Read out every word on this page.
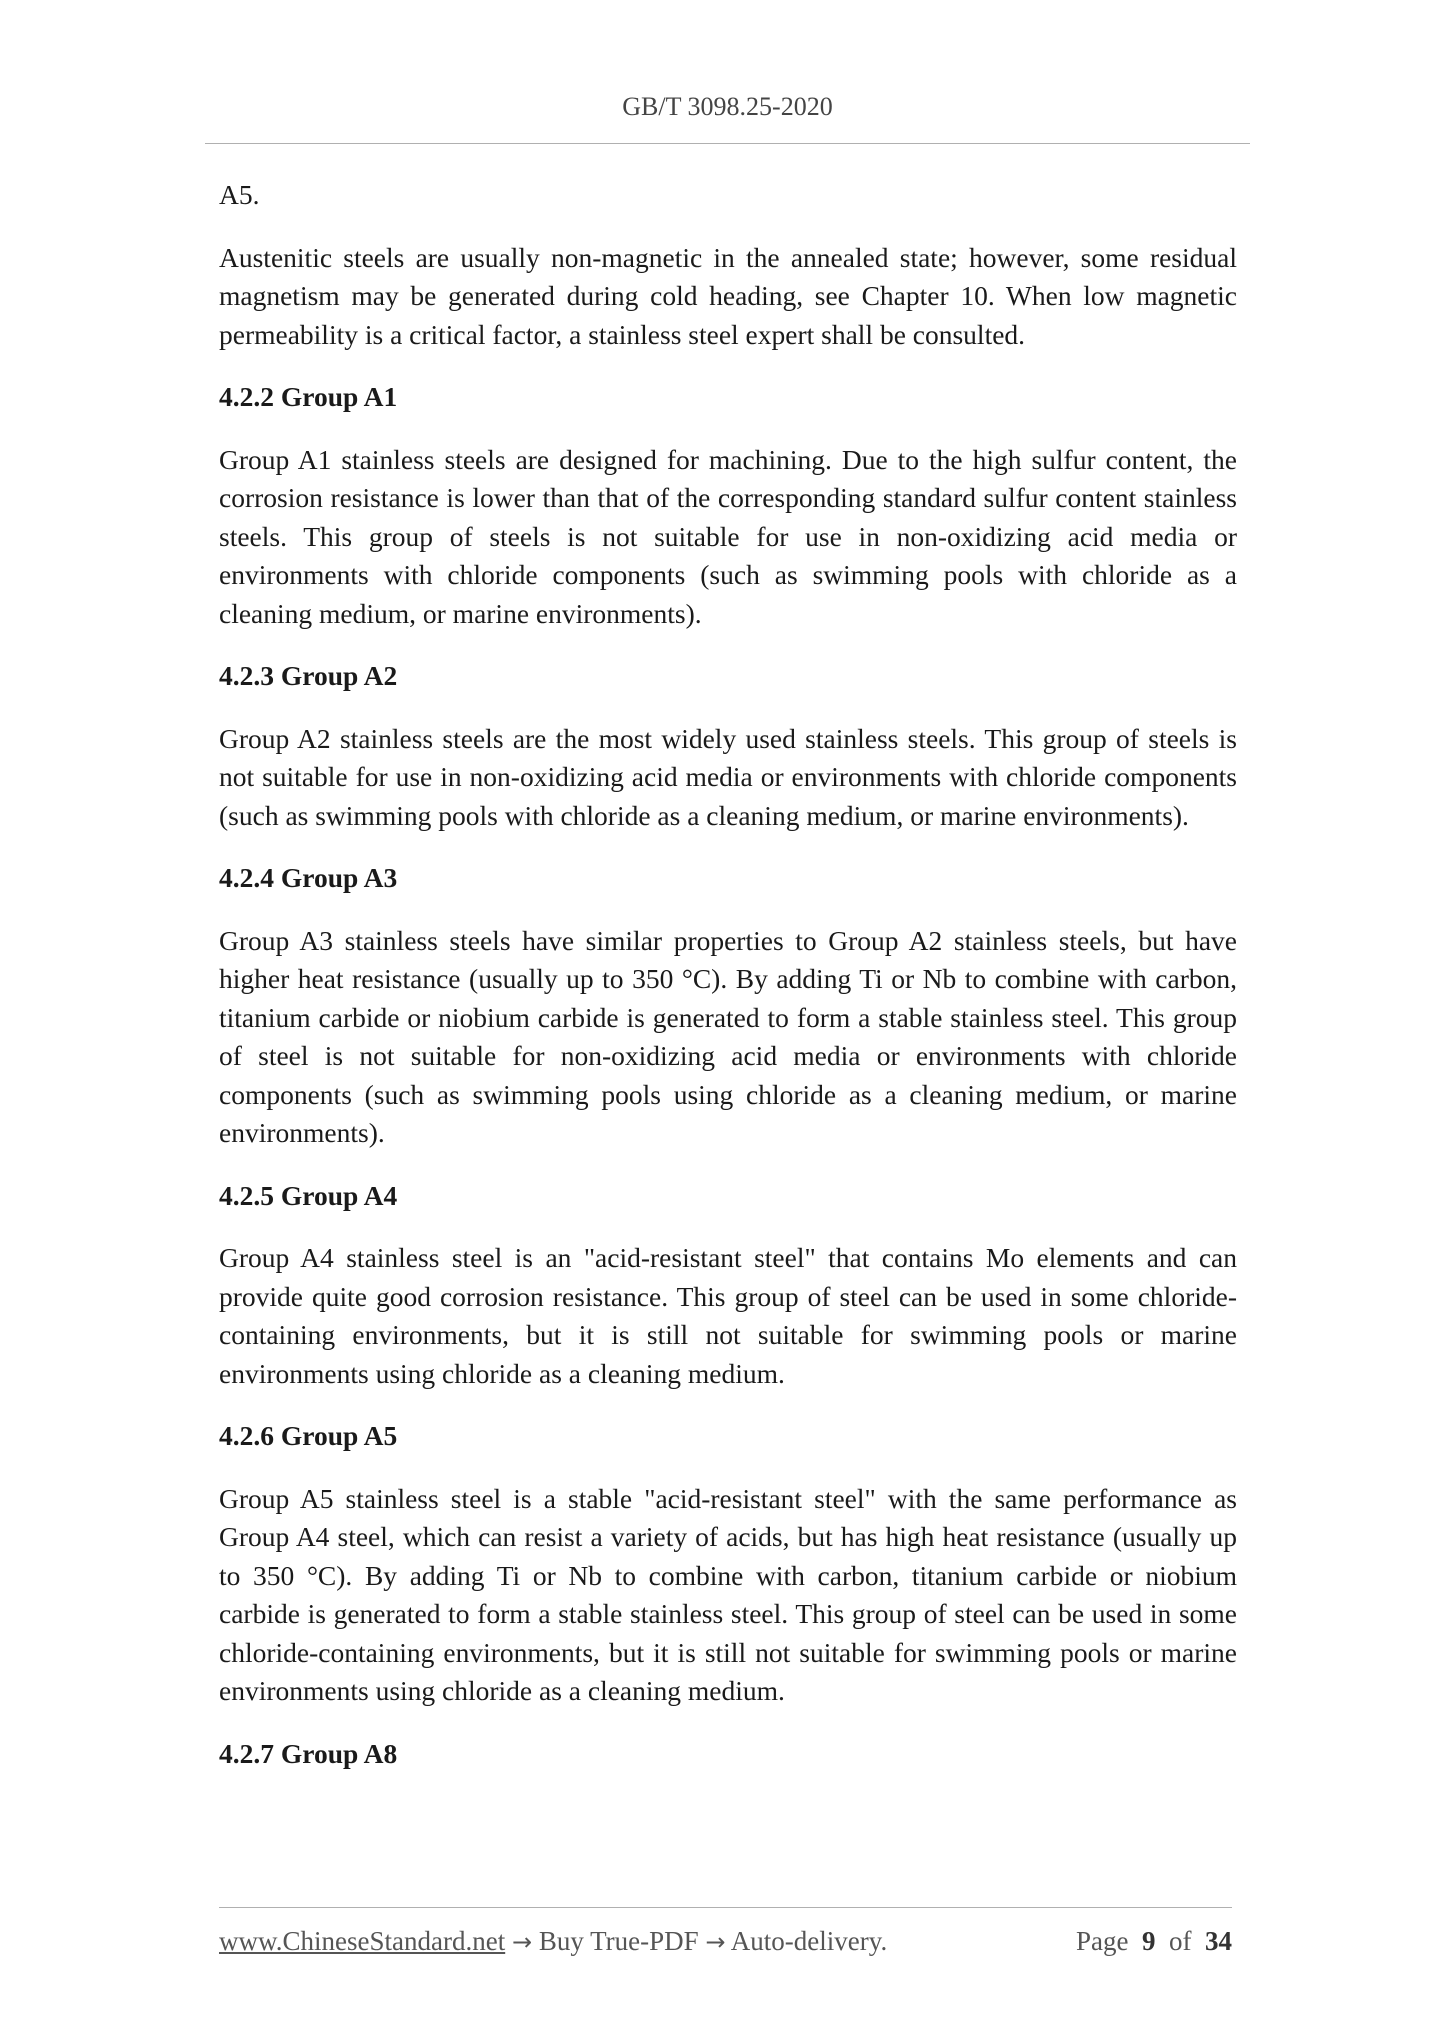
GB/T 3098.25-2020

A5.

Austenitic steels are usually non-magnetic in the annealed state; however, some residual magnetism may be generated during cold heading, see Chapter 10. When low magnetic permeability is a critical factor, a stainless steel expert shall be consulted.

4.2.2 Group A1

Group A1 stainless steels are designed for machining. Due to the high sulfur content, the corrosion resistance is lower than that of the corresponding standard sulfur content stainless steels. This group of steels is not suitable for use in non-oxidizing acid media or environments with chloride components (such as swimming pools with chloride as a cleaning medium, or marine environments).

4.2.3 Group A2

Group A2 stainless steels are the most widely used stainless steels. This group of steels is not suitable for use in non-oxidizing acid media or environments with chloride components (such as swimming pools with chloride as a cleaning medium, or marine environments).

4.2.4 Group A3

Group A3 stainless steels have similar properties to Group A2 stainless steels, but have higher heat resistance (usually up to 350 °C). By adding Ti or Nb to combine with carbon, titanium carbide or niobium carbide is generated to form a stable stainless steel. This group of steel is not suitable for non-oxidizing acid media or environments with chloride components (such as swimming pools using chloride as a cleaning medium, or marine environments).

4.2.5 Group A4

Group A4 stainless steel is an "acid-resistant steel" that contains Mo elements and can provide quite good corrosion resistance. This group of steel can be used in some chloride-containing environments, but it is still not suitable for swimming pools or marine environments using chloride as a cleaning medium.

4.2.6 Group A5

Group A5 stainless steel is a stable "acid-resistant steel" with the same performance as Group A4 steel, which can resist a variety of acids, but has high heat resistance (usually up to 350 °C). By adding Ti or Nb to combine with carbon, titanium carbide or niobium carbide is generated to form a stable stainless steel. This group of steel can be used in some chloride-containing environments, but it is still not suitable for swimming pools or marine environments using chloride as a cleaning medium.

4.2.7 Group A8
www.ChineseStandard.net → Buy True-PDF → Auto-delivery.	Page 9 of 34
